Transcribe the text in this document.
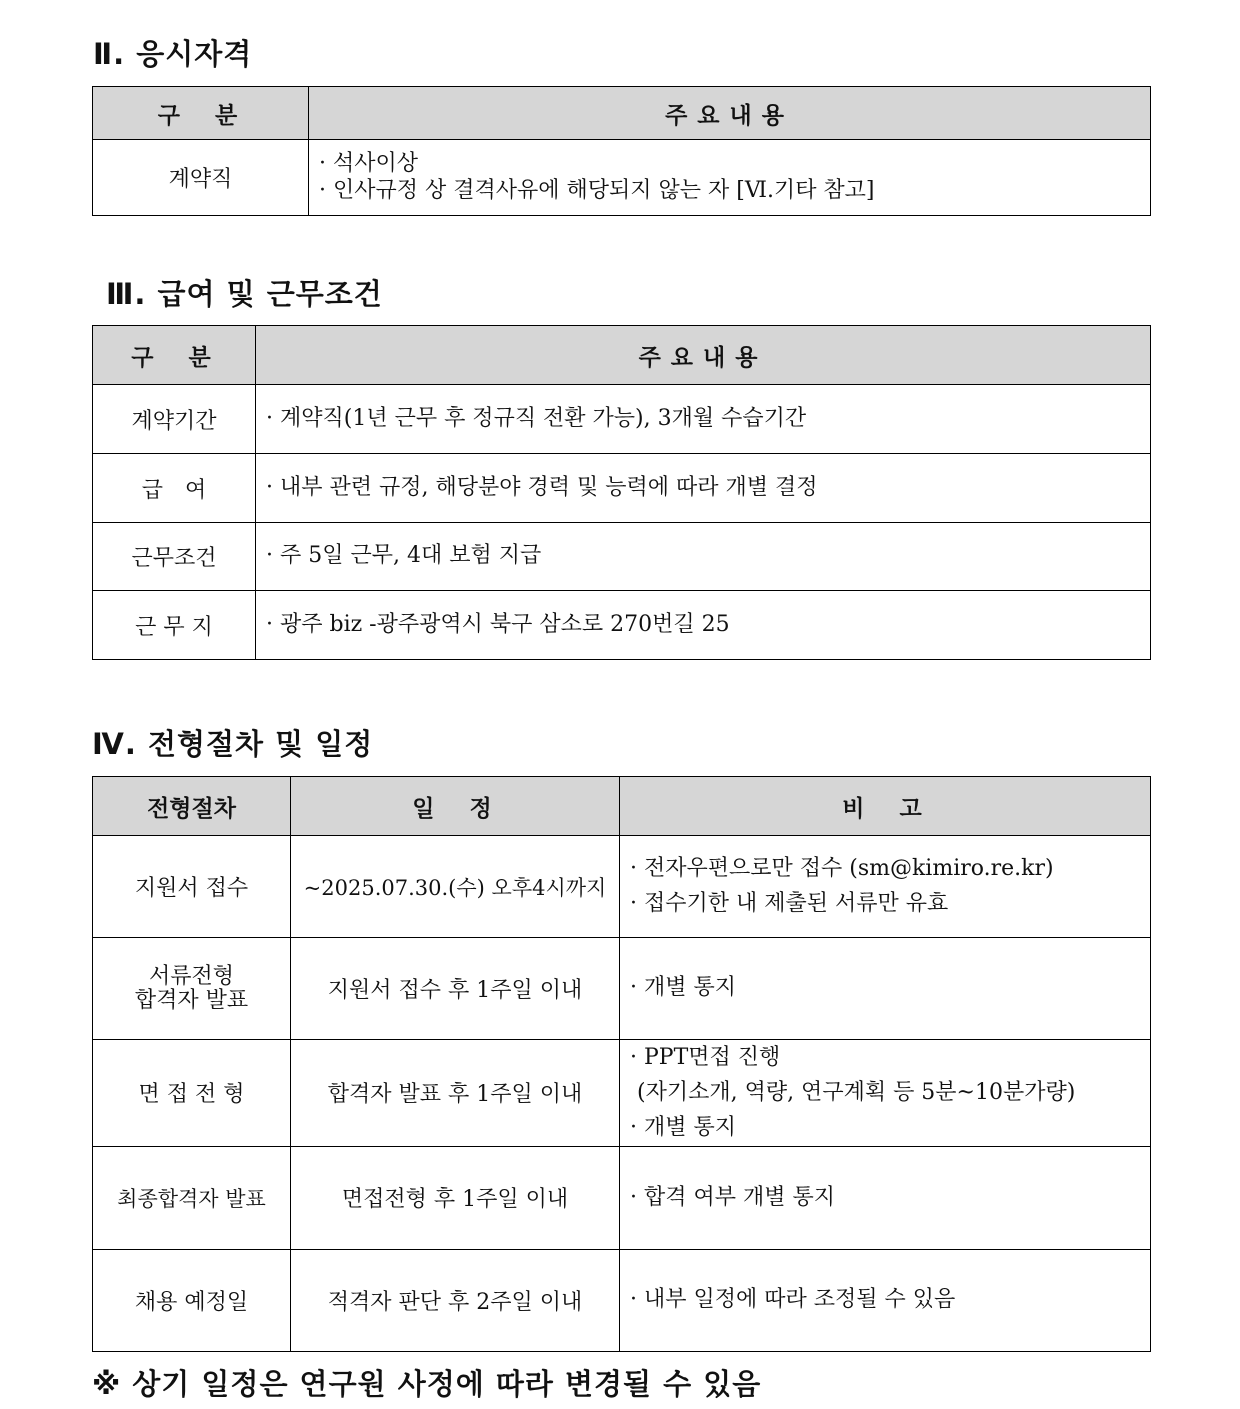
Ⅱ. 응시자격
구　분	주요내용
계약직	· 석사이상
· 인사규정 상 결격사유에 해당되지 않는 자 [Ⅵ.기타 참고]
Ⅲ. 급여 및 근무조건
구　분	주요내용
계약기간	· 계약직(1년 근무 후 정규직 전환 가능), 3개월 수습기간
급　여	· 내부 관련 규정, 해당분야 경력 및 능력에 따라 개별 결정
근무조건	· 주 5일 근무, 4대 보험 지급
근 무 지	· 광주 biz -광주광역시 북구 삼소로 270번길 25
Ⅳ. 전형절차 및 일정
전형절차	일　정	비　고
지원서 접수	~2025.07.30.(수) 오후4시까지	· 전자우편으로만 접수 (sm@kimiro.re.kr)
· 접수기한 내 제출된 서류만 유효

서류전형
합격자 발표	지원서 접수 후 1주일 이내	· 개별 통지

면 접 전 형	합격자 발표 후 1주일 이내	· PPT면접 진행
(자기소개, 역량, 연구계획 등 5분~10분가량)
· 개별 통지

최종합격자 발표	면접전형 후 1주일 이내	· 합격 여부 개별 통지

채용 예정일	적격자 판단 후 2주일 이내	· 내부 일정에 따라 조정될 수 있음
※ 상기 일정은 연구원 사정에 따라 변경될 수 있음
